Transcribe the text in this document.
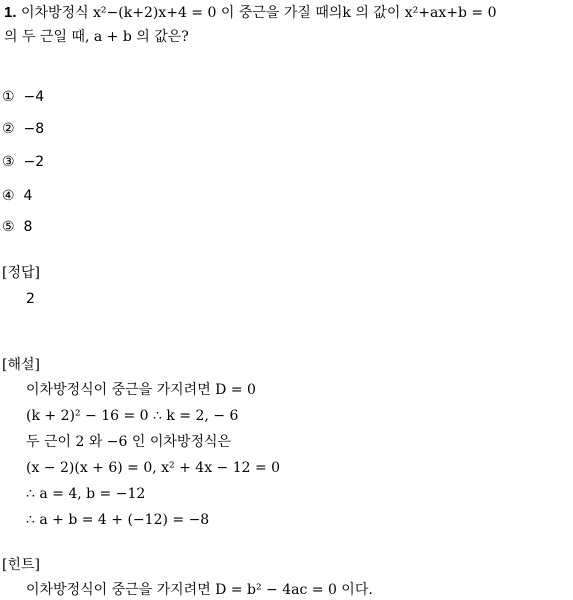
1. 이차방정식 x²−(k+2)x+4 = 0 이 중근을 가질 때의k 의 값이 x²+ax+b = 0
의 두 근일 때, a + b 의 값은?
① −4
② −8
③ −2
④ 4
⑤ 8
[정답]
2
[해설]
이차방정식이 중근을 가지려면 D = 0
(k + 2)² − 16 = 0 ∴ k = 2, − 6
두 근이 2 와 −6 인 이차방정식은
(x − 2)(x + 6) = 0, x² + 4x − 12 = 0
∴ a = 4, b = −12
∴ a + b = 4 + (−12) = −8
[힌트]
이차방정식이 중근을 가지려면 D = b² − 4ac = 0 이다.
